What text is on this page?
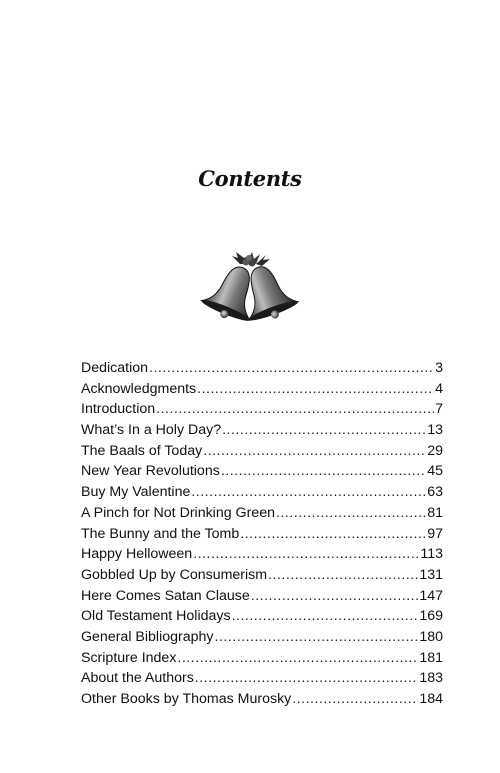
Contents
Dedication .....	3
Acknowledgments .....	4
Introduction .....	7
What’s In a Holy Day? .....	13
The Baals of Today .....	29
New Year Revolutions .....	45
Buy My Valentine .....	63
A Pinch for Not Drinking Green .....	81
The Bunny and the Tomb .....	97
Happy Helloween .....	113
Gobbled Up by Consumerism .....	131
Here Comes Satan Clause .....	147
Old Testament Holidays .....	169
General Bibliography .....	180
Scripture Index .....	181
About the Authors .....	183
Other Books by Thomas Murosky .....	184
